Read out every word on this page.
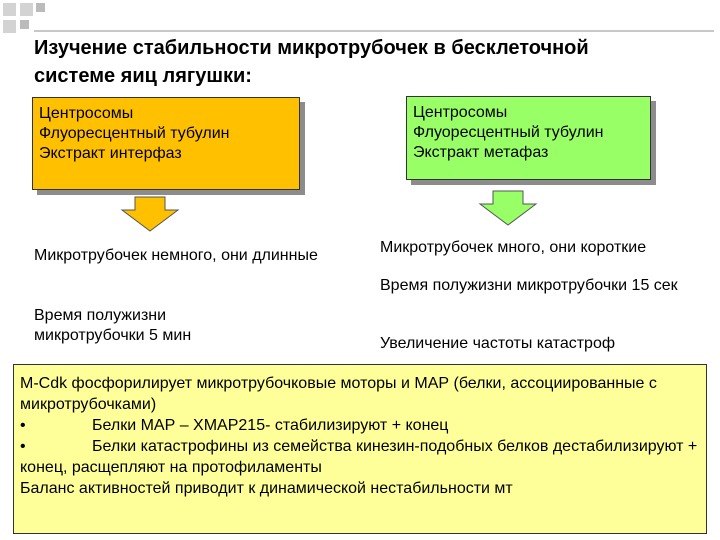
Изучение стабильности микротрубочек в бесклеточной системе яиц лягушки:
Центросомы
Флуоресцентный тубулин
Экстракт интерфаз
Центросомы
Флуоресцентный тубулин
Экстракт метафаз
Микротрубочек немного, они длинные
Время полужизни микротрубочки 5 мин
Микротрубочек много, они короткие
Время полужизни микротрубочки 15 сек
Увеличение частоты катастроф
M-Cdk фосфорилирует микротрубочковые моторы и МАР (белки, ассоциированные с микротрубочками)
•	Белки МАР – XMAP215- стабилизируют + конец
•	Белки катастрофины из семейства кинезин-подобных белков дестабилизируют + конец, расщепляют на протофиламенты
Баланс активностей приводит к динамической нестабильности мт
